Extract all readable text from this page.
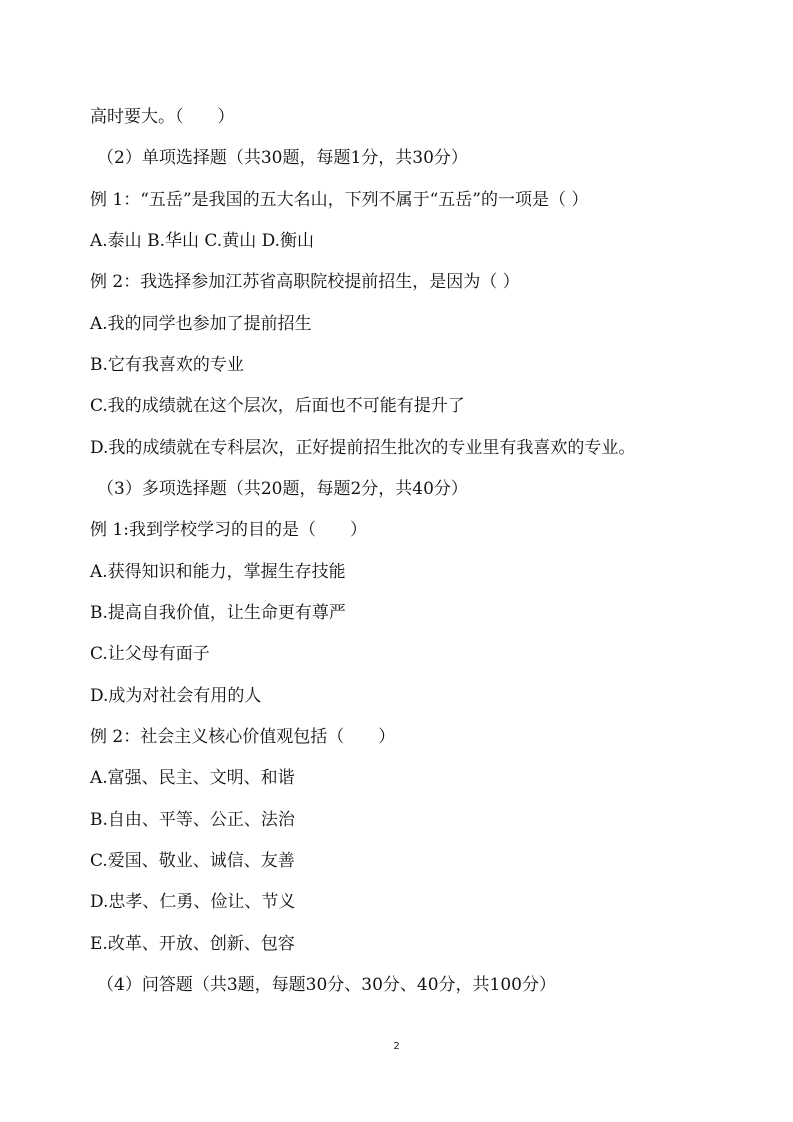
高时要大。（　　）
（2）单项选择题（共30题，每题1分，共30分）
例 1：“五岳”是我国的五大名山，下列不属于“五岳”的一项是（ ）
A.泰山 B.华山 C.黄山 D.衡山
例 2：我选择参加江苏省高职院校提前招生，是因为（ ）
A.我的同学也参加了提前招生
B.它有我喜欢的专业
C.我的成绩就在这个层次，后面也不可能有提升了
D.我的成绩就在专科层次，正好提前招生批次的专业里有我喜欢的专业。
（3）多项选择题（共20题，每题2分，共40分）
例 1:我到学校学习的目的是（　　）
A.获得知识和能力，掌握生存技能
B.提高自我价值，让生命更有尊严
C.让父母有面子
D.成为对社会有用的人
例 2：社会主义核心价值观包括（　　）
A.富强、民主、文明、和谐
B.自由、平等、公正、法治
C.爱国、敬业、诚信、友善
D.忠孝、仁勇、俭让、节义
E.改革、开放、创新、包容
（4）问答题（共3题，每题30分、30分、40分，共100分）
2
